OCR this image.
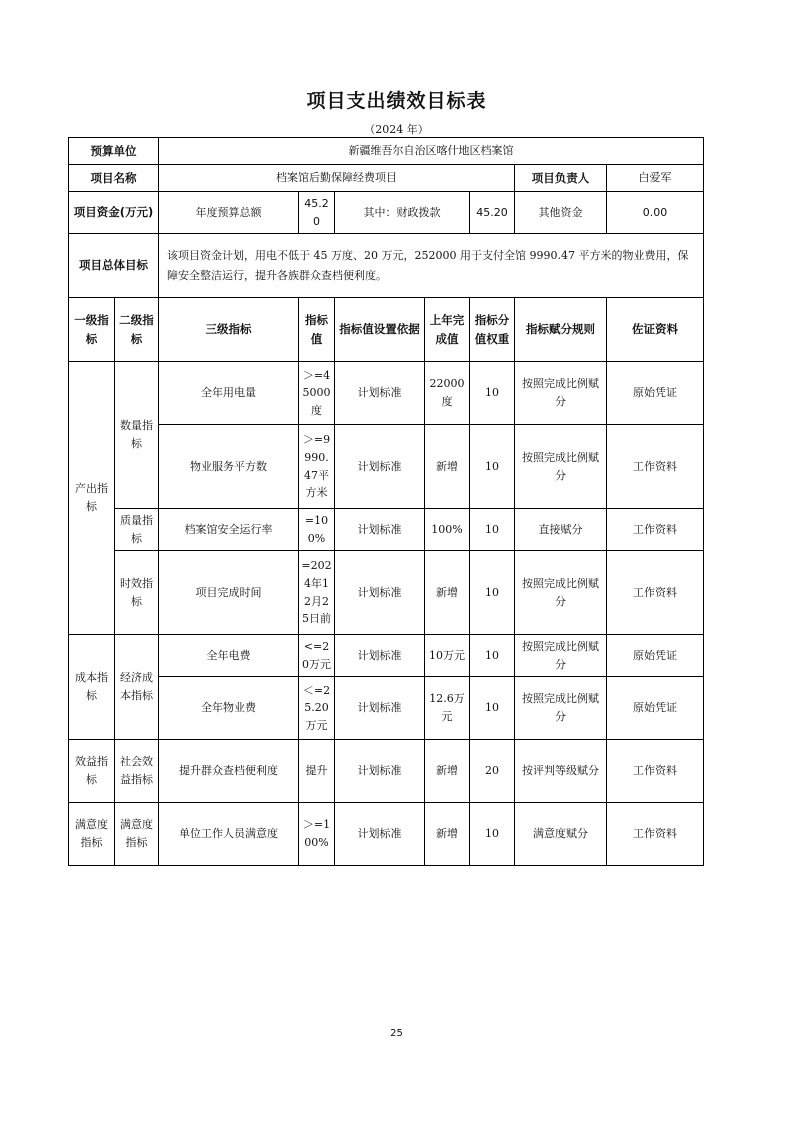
项目支出绩效目标表
（2024 年）
预算单位		新疆维吾尔自治区喀什地区档案馆						
项目名称		档案馆后勤保障经费项目					项目负责人	白爱军
项目资金(万元)		年度预算总额	45.20	其中：财政拨款		45.20	其他资金	0.00
项目总体目标		该项目资金计划，用电不低于 45 万度、20 万元，252000 用于支付全馆 9990.47 平方米的物业费用，保障安全整洁运行，提升各族群众查档便利度。						
一级指标	二级指标	三级指标	指标值	指标值设置依据	上年完成值	指标分值权重	指标赋分规则	佐证资料
产出指标	数量指标	全年用电量	＞=45000度	计划标准	22000度	10	按照完成比例赋分	原始凭证
		物业服务平方数	＞=9990.47平方米	计划标准	新增	10	按照完成比例赋分	工作资料
	质量指标	档案馆安全运行率	=100%	计划标准	100%	10	直接赋分	工作资料
	时效指标	项目完成时间	=2024年12月25日前	计划标准	新增	10	按照完成比例赋分	工作资料
成本指标	经济成本指标	全年电费	<=20万元	计划标准	10万元	10	按照完成比例赋分	原始凭证
		全年物业费	＜=25.20万元	计划标准	12.6万元	10	按照完成比例赋分	原始凭证
效益指标	社会效益指标	提升群众查档便利度	提升	计划标准	新增	20	按评判等级赋分	工作资料
满意度指标	满意度指标	单位工作人员满意度	＞=100%	计划标准	新增	10	满意度赋分	工作资料
25
